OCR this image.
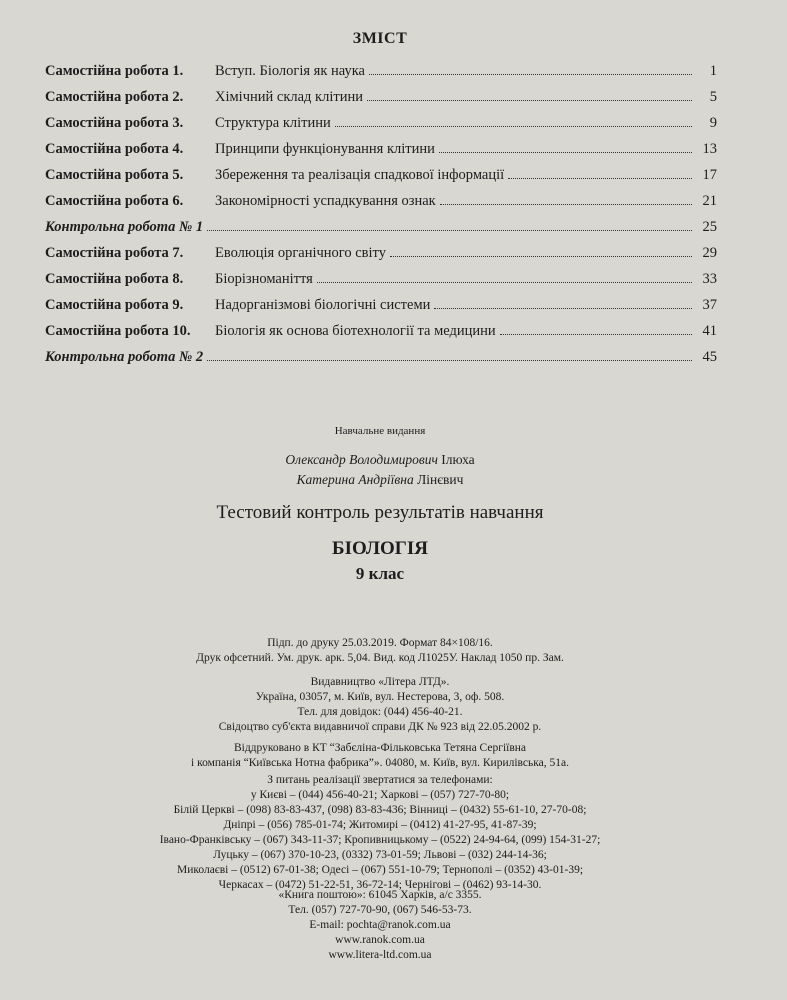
ЗМІСТ
Самостійна робота 1.	Вступ. Біологія як наука	1
Самостійна робота 2.	Хімічний склад клітини	5
Самостійна робота 3.	Структура клітини	9
Самостійна робота 4.	Принципи функціонування клітини	13
Самостійна робота 5.	Збереження та реалізація спадкової інформації	17
Самостійна робота 6.	Закономірності успадкування ознак	21
Контрольна робота № 1	25
Самостійна робота 7.	Еволюція органічного світу	29
Самостійна робота 8.	Біорізноманіття	33
Самостійна робота 9.	Надорганізмові біологічні системи	37
Самостійна робота 10.	Біологія як основа біотехнології та медицини	41
Контрольна робота № 2	45
Навчальне видання
Олександр Володимирович Ілюха
Катерина Андріївна Лінєвич
Тестовий контроль результатів навчання
БІОЛОГІЯ
9 клас
Підп. до друку 25.03.2019. Формат 84×108/16.
Друк офсетний. Ум. друк. арк. 5,04. Вид. код Л1025У. Наклад 1050 пр. Зам.
Видавництво «Літера ЛТД».
Україна, 03057, м. Київ, вул. Нестерова, 3, оф. 508.
Тел. для довідок: (044) 456-40-21.
Свідоцтво суб'єкта видавничої справи ДК № 923 від 22.05.2002 р.
Віддруковано в КТ “Забєліна-Фільковська Тетяна Сергіївна
і компанія “Київська Нотна фабрика”». 04080, м. Київ, вул. Кирилівська, 51а.
З питань реалізації звертатися за телефонами:
у Києві – (044) 456-40-21; Харкові – (057) 727-70-80;
Білій Церкві – (098) 83-83-437, (098) 83-83-436; Вінниці – (0432) 55-61-10, 27-70-08;
Дніпрі – (056) 785-01-74; Житомирі – (0412) 41-27-95, 41-87-39;
Івано-Франківську – (067) 343-11-37; Кропивницькому – (0522) 24-94-64, (099) 154-31-27;
Луцьку – (067) 370-10-23, (0332) 73-01-59; Львові – (032) 244-14-36;
Миколаєві – (0512) 67-01-38; Одесі – (067) 551-10-79; Тернополі – (0352) 43-01-39;
Черкасах – (0472) 51-22-51, 36-72-14; Чернігові – (0462) 93-14-30.
«Книга поштою»: 61045 Харків, а/с 3355.
Тел. (057) 727-70-90, (067) 546-53-73.
E-mail: pochta@ranok.com.ua
www.ranok.com.ua
www.litera-ltd.com.ua
